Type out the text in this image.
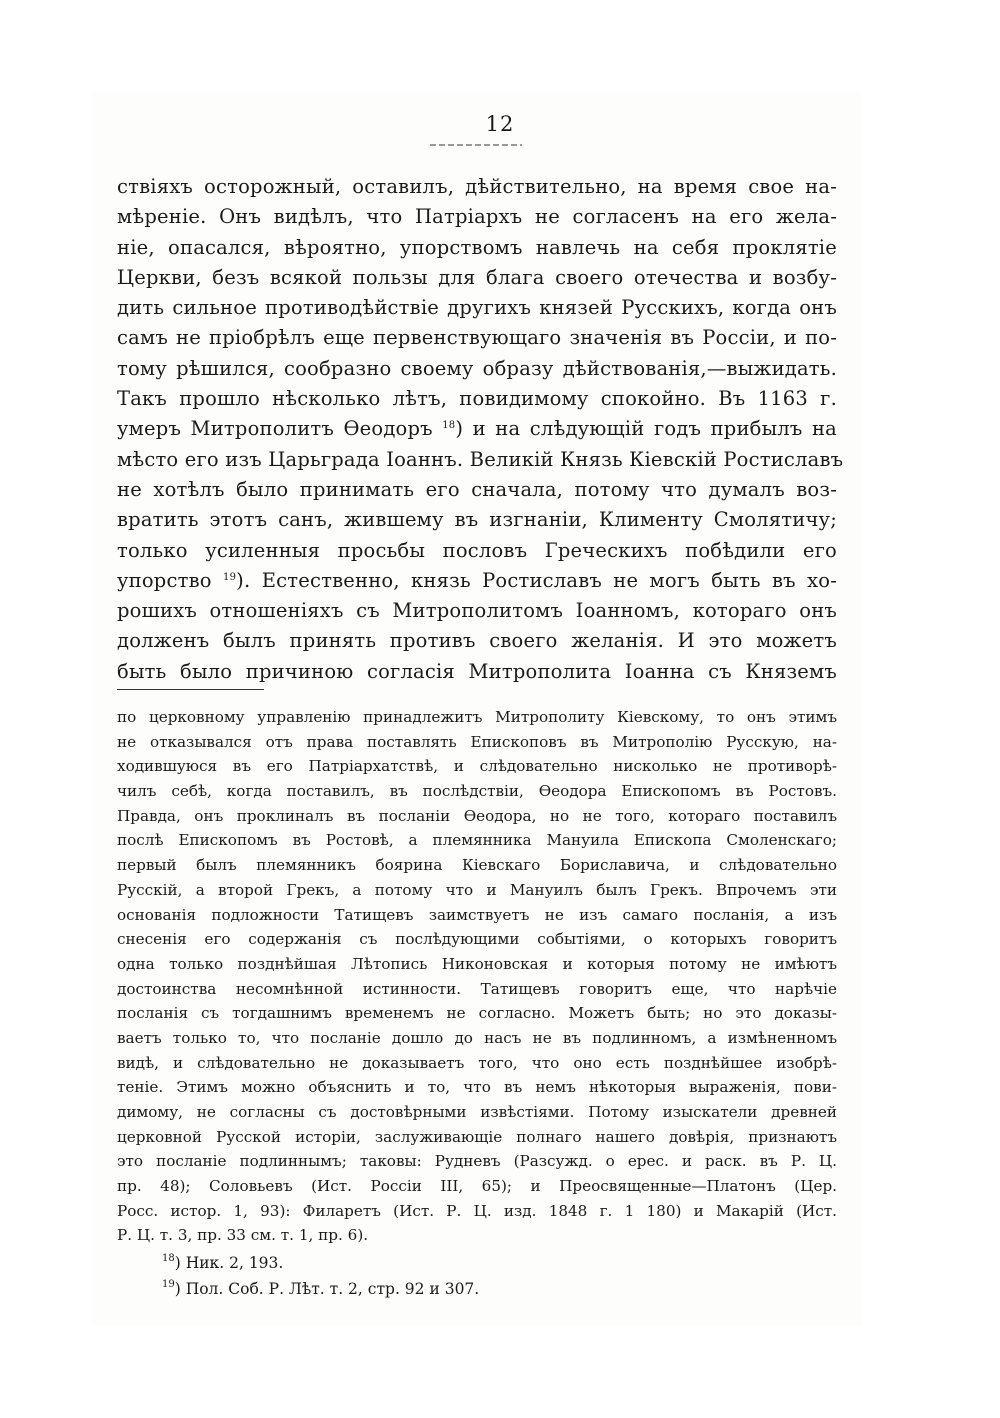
12
ствіяхъ осторожный, оставилъ, дѣйствительно, на время свое на-
мѣреніе. Онъ видѣлъ, что Патріархъ не согласенъ на его жела-
ніе, опасался, вѣроятно, упорствомъ навлечь на себя проклятіе
Церкви, безъ всякой пользы для блага своего отечества и возбу-
дить сильное противодѣйствіе другихъ князей Русскихъ, когда онъ
самъ не пріобрѣлъ еще первенствующаго значенія въ Россіи, и по-
тому рѣшился, сообразно своему образу дѣйствованія,—выжидать.
Такъ прошло нѣсколько лѣтъ, повидимому спокойно. Въ 1163 г.
умеръ Митрополитъ Ѳеодоръ $^{18}$) и на слѣдующій годъ прибылъ на
мѣсто его изъ Царьграда Іоаннъ. Великій Князь Кіевскій Ростиславъ
не хотѣлъ было принимать его сначала, потому что думалъ воз-
вратить этотъ санъ, жившему въ изгнаніи, Клименту Смолятичу;
только усиленныя просьбы пословъ Греческихъ побѣдили его
упорство $^{19}$). Естественно, князь Ростиславъ не могъ быть въ хо-
рошихъ отношеніяхъ съ Митрополитомъ Іоанномъ, котораго онъ
долженъ былъ принять противъ своего желанія. И это можетъ
быть было причиною согласія Митрополита Іоанна съ Княземъ
по церковному управленію принадлежитъ Митрополиту Кіевскому, то онъ этимъ
не отказывался отъ права поставлять Епископовъ въ Митрополію Русскую, на-
ходившуюся въ его Патріархатствѣ, и слѣдовательно нисколько не противорѣ-
чилъ себѣ, когда поставилъ, въ послѣдствіи, Ѳеодора Епископомъ въ Ростовъ.
Правда, онъ проклиналъ въ посланіи Ѳеодора, но не того, котораго поставилъ
послѣ Епископомъ въ Ростовѣ, а племянника Мануила Епископа Смоленскаго;
первый былъ племянникъ боярина Кіевскаго Бориславича, и слѣдовательно
Русскій, а второй Грекъ, а потому что и Мануилъ былъ Грекъ. Впрочемъ эти
основанія подложности Татищевъ заимствуетъ не изъ самаго посланія, а изъ
снесенія его содержанія съ послѣдующими событіями, о которыхъ говоритъ
одна только позднѣйшая Лѣтопись Никоновская и которыя потому не имѣютъ
достоинства несомнѣнной истинности. Татищевъ говоритъ еще, что нарѣчіе
посланія съ тогдашнимъ временемъ не согласно. Можетъ быть; но это доказы-
ваетъ только то, что посланіе дошло до насъ не въ подлинномъ, а измѣненномъ
видѣ, и слѣдовательно не доказываетъ того, что оно есть позднѣйшее изобрѣ-
теніе. Этимъ можно объяснить и то, что въ немъ нѣкоторыя выраженія, пови-
димому, не согласны съ достовѣрными извѣстіями. Потому изыскатели древней
церковной Русской исторіи, заслуживающіе полнаго нашего довѣрія, признаютъ
это посланіе подлиннымъ; таковы: Рудневъ (Разсужд. о ерес. и раск. въ Р. Ц.
пр. 48); Соловьевъ (Ист. Россіи III, 65); и Преосвященные—Платонъ (Цер.
Росс. истор. 1, 93): Филаретъ (Ист. Р. Ц. изд. 1848 г. 1 180) и Макарій (Ист.
Р. Ц. т. 3, пр. 33 см. т. 1, пр. 6).
$^{18}$) Ник. 2, 193.
$^{19}$) Пол. Соб. Р. Лѣт. т. 2, стр. 92 и 307.
